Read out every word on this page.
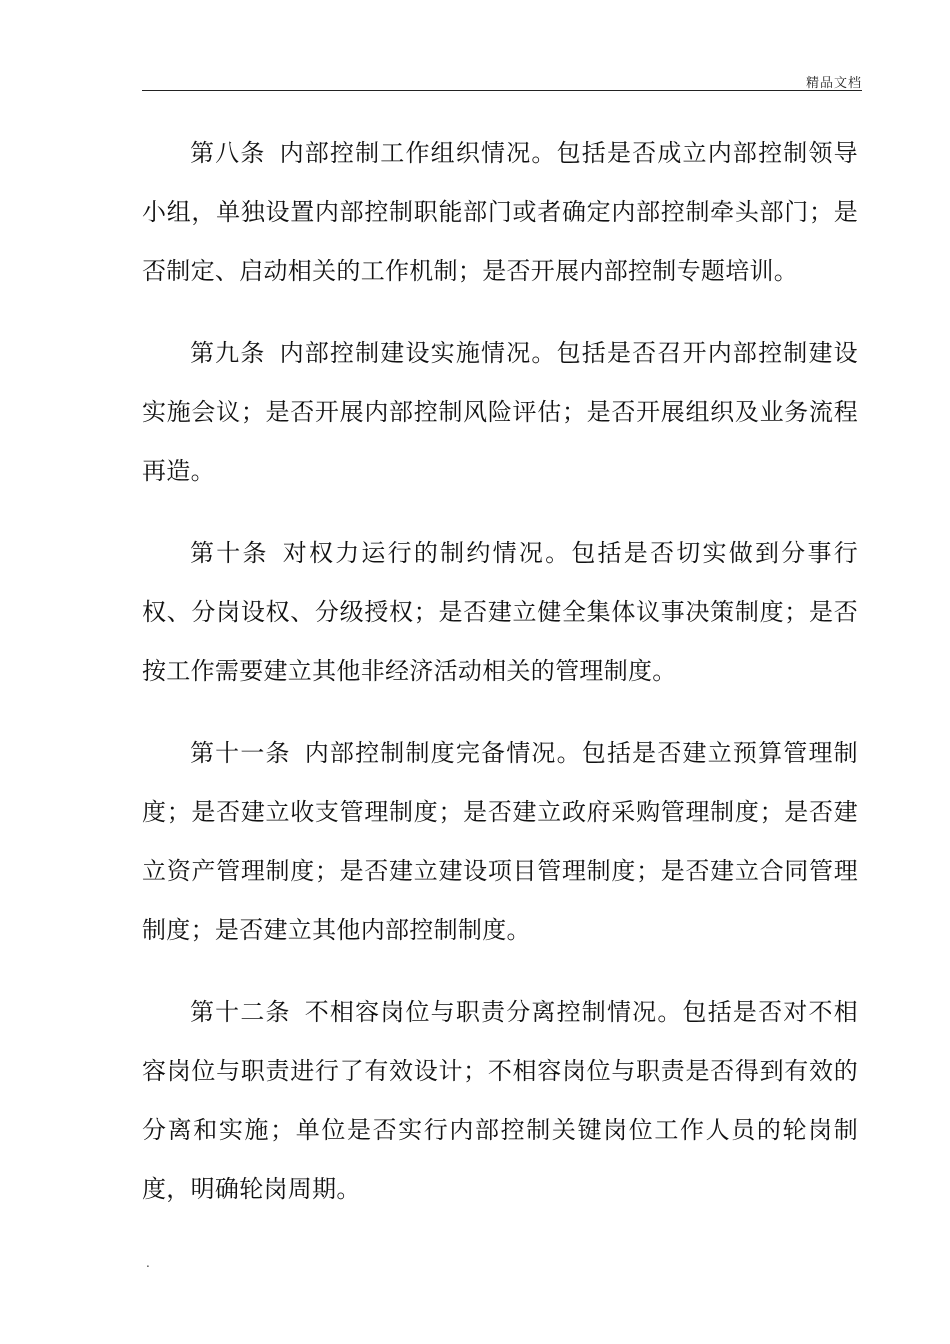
精品文档

第八条 内部控制工作组织情况。包括是否成立内部控制领导小组，单独设置内部控制职能部门或者确定内部控制牵头部门；是否制定、启动相关的工作机制；是否开展内部控制专题培训。

第九条 内部控制建设实施情况。包括是否召开内部控制建设实施会议；是否开展内部控制风险评估；是否开展组织及业务流程再造。

第十条 对权力运行的制约情况。包括是否切实做到分事行权、分岗设权、分级授权；是否建立健全集体议事决策制度；是否按工作需要建立其他非经济活动相关的管理制度。

第十一条 内部控制制度完备情况。包括是否建立预算管理制度；是否建立收支管理制度；是否建立政府采购管理制度；是否建立资产管理制度；是否建立建设项目管理制度；是否建立合同管理制度；是否建立其他内部控制制度。

第十二条 不相容岗位与职责分离控制情况。包括是否对不相容岗位与职责进行了有效设计；不相容岗位与职责是否得到有效的分离和实施；单位是否实行内部控制关键岗位工作人员的轮岗制度，明确轮岗周期。

.
